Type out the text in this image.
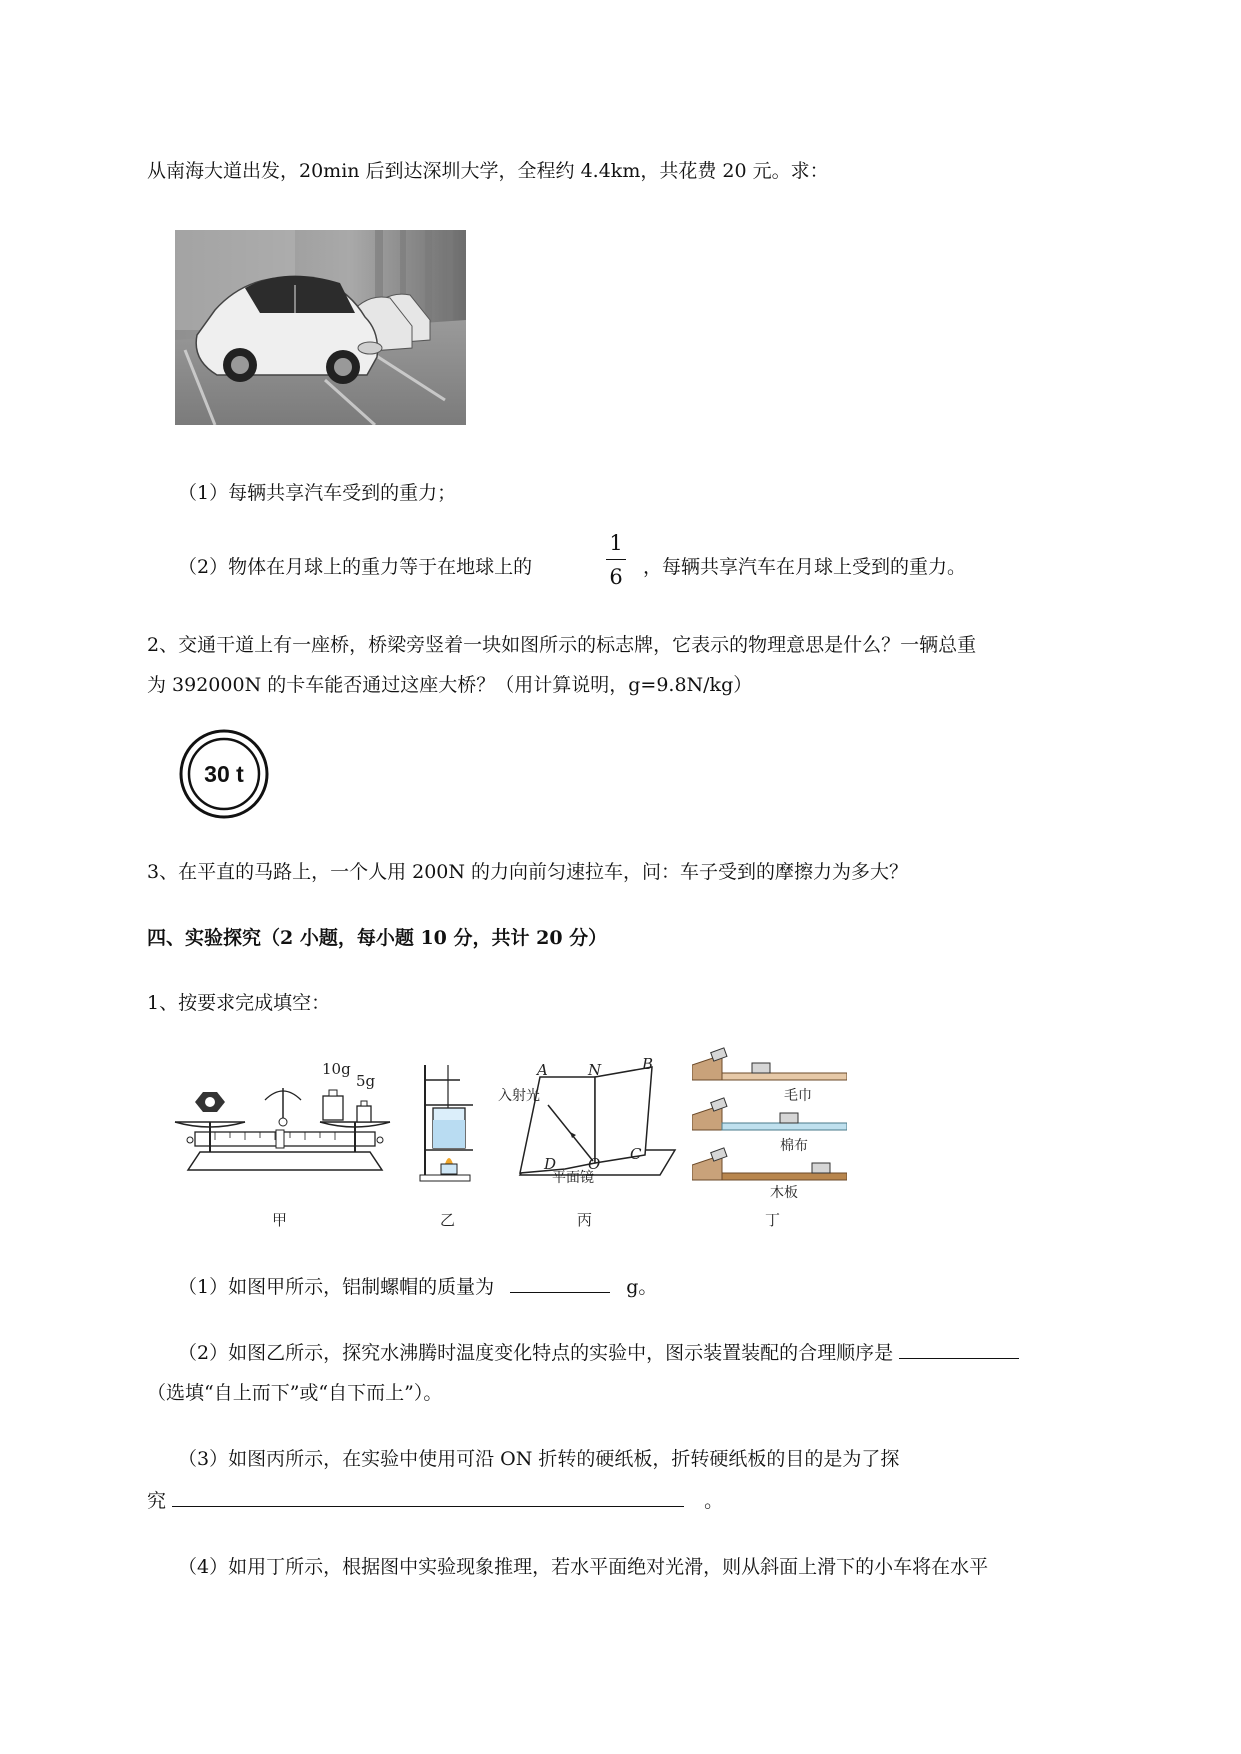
从南海大道出发，20min 后到达深圳大学，全程约 4.4km，共花费 20 元。求：
（1）每辆共享汽车受到的重力；
（2）物体在月球上的重力等于在地球上的
1
6 ，每辆共享汽车在月球上受到的重力。
2、交通干道上有一座桥，桥梁旁竖着一块如图所示的标志牌，它表示的物理意思是什么？一辆总重
为 392000N 的卡车能否通过这座大桥？（用计算说明，g=9.8N/kg）
30 t
3、在平直的马路上，一个人用 200N 的力向前匀速拉车，问：车子受到的摩擦力为多大？
四、实验探究（2 小题，每小题 10 分，共计 20 分）
1、按要求完成填空：
10g
5g
A	N	B
C
D O
入射光
平面镜
毛巾
棉布
木板
甲	乙	丙	丁
（1）如图甲所示，铝制螺帽的质量为	g。
（2）如图乙所示，探究水沸腾时温度变化特点的实验中，图示装置装配的合理顺序是
（选填“自上而下”或“自下而上”）。
（3）如图丙所示，在实验中使用可沿 ON 折转的硬纸板，折转硬纸板的目的是为了探
究	。
（4）如用丁所示，根据图中实验现象推理，若水平面绝对光滑，则从斜面上滑下的小车将在水平
